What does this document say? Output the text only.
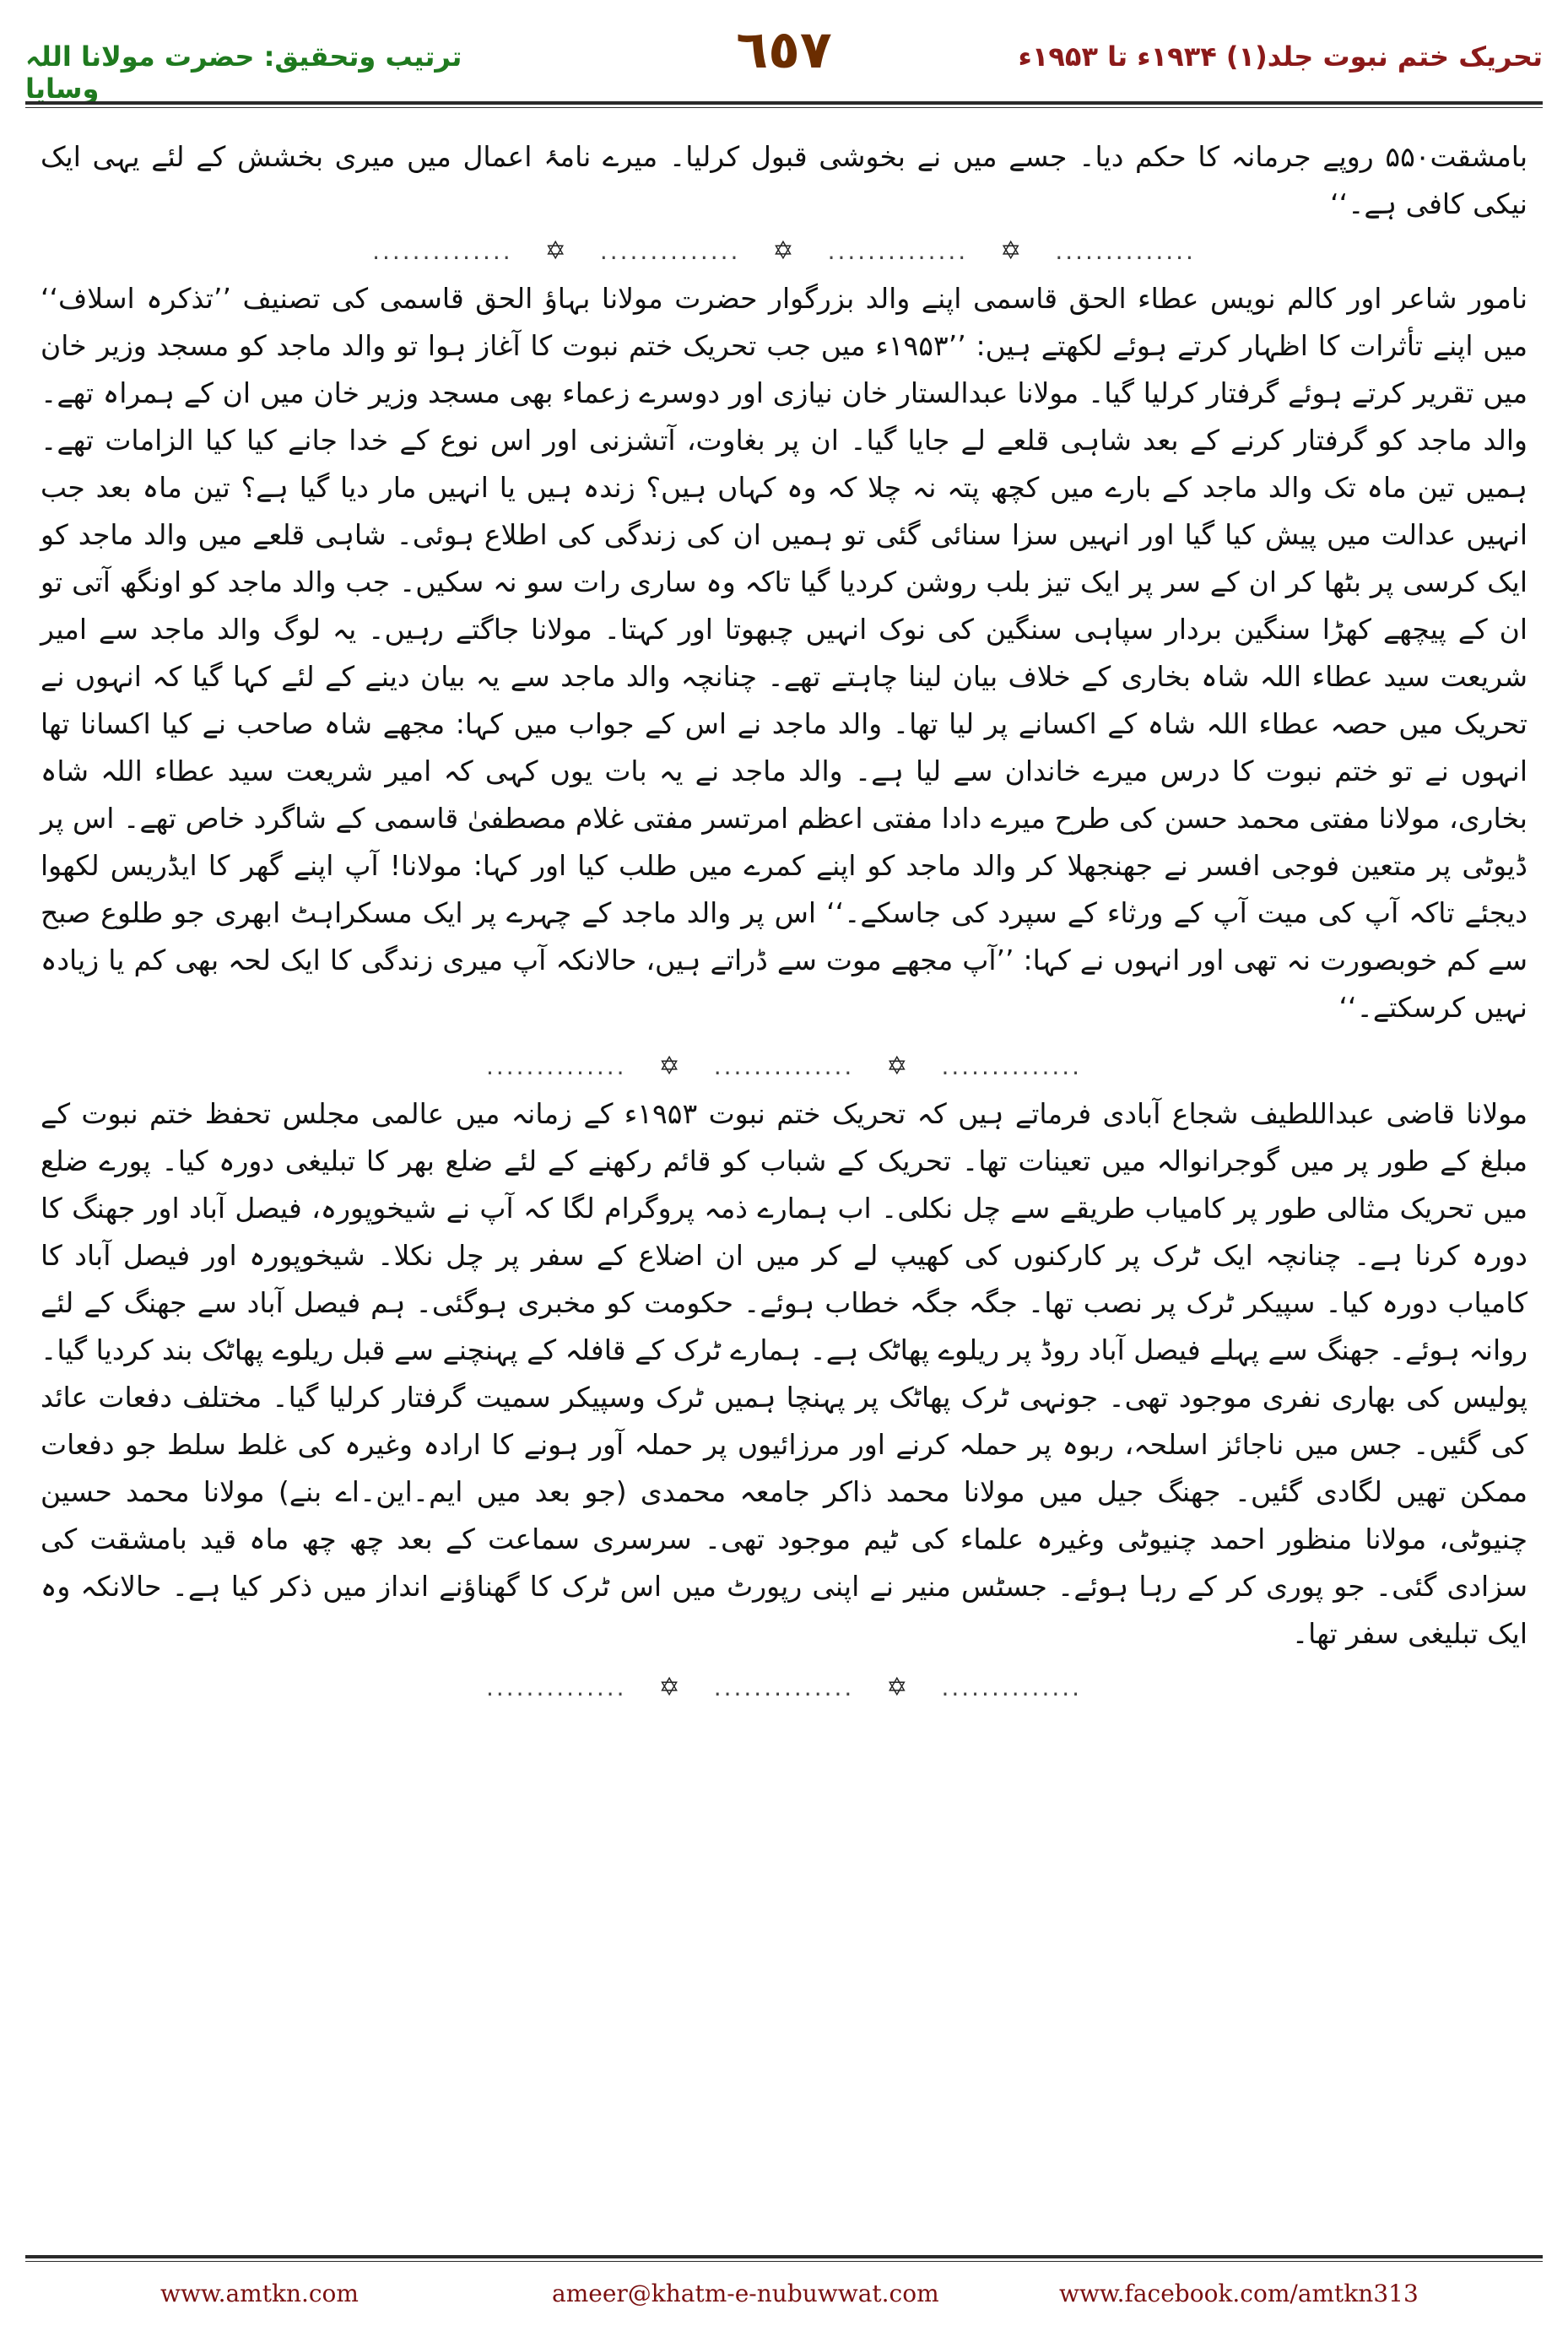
ترتیب وتحقیق: حضرت مولانا اللہ وسایا
٦٥٧	تحریک ختم نبوت جلد(۱) ۱۹۳۴ء تا ۱۹۵۳ء

بامشقت۵۵۰ روپے جرمانہ کا حکم دیا۔ جسے میں نے بخوشی قبول کرلیا۔ میرے نامۂ اعمال میں میری بخشش کے لئے یہی ایک نیکی کافی ہے۔‘‘

.............. ✡ .............. ✡ .............. ✡ ..............

نامور شاعر اور کالم نویس عطاء الحق قاسمی اپنے والد بزرگوار حضرت مولانا بہاؤ الحق قاسمی کی تصنیف ’’تذکرہ اسلاف‘‘ میں اپنے تأثرات کا اظہار کرتے ہوئے لکھتے ہیں: ’’۱۹۵۳ء میں جب تحریک ختم نبوت کا آغاز ہوا تو والد ماجد کو مسجد وزیر خان میں تقریر کرتے ہوئے گرفتار کرلیا گیا۔ مولانا عبدالستار خان نیازی اور دوسرے زعماء بھی مسجد وزیر خان میں ان کے ہمراہ تھے۔ والد ماجد کو گرفتار کرنے کے بعد شاہی قلعے لے جایا گیا۔ ان پر بغاوت، آتشزنی اور اس نوع کے خدا جانے کیا کیا الزامات تھے۔ ہمیں تین ماہ تک والد ماجد کے بارے میں کچھ پتہ نہ چلا کہ وہ کہاں ہیں؟ زندہ ہیں یا انہیں مار دیا گیا ہے؟ تین ماہ بعد جب انہیں عدالت میں پیش کیا گیا اور انہیں سزا سنائی گئی تو ہمیں ان کی زندگی کی اطلاع ہوئی۔ شاہی قلعے میں والد ماجد کو ایک کرسی پر بٹھا کر ان کے سر پر ایک تیز بلب روشن کردیا گیا تاکہ وہ ساری رات سو نہ سکیں۔ جب والد ماجد کو اونگھ آتی تو ان کے پیچھے کھڑا سنگین بردار سپاہی سنگین کی نوک انہیں چبھوتا اور کہتا۔ مولانا جاگتے رہیں۔ یہ لوگ والد ماجد سے امیر شریعت سید عطاء اللہ شاہ بخاری کے خلاف بیان لینا چاہتے تھے۔ چنانچہ والد ماجد سے یہ بیان دینے کے لئے کہا گیا کہ انہوں نے تحریک میں حصہ عطاء اللہ شاہ کے اکسانے پر لیا تھا۔ والد ماجد نے اس کے جواب میں کہا: مجھے شاہ صاحب نے کیا اکسانا تھا انہوں نے تو ختم نبوت کا درس میرے خاندان سے لیا ہے۔ والد ماجد نے یہ بات یوں کہی کہ امیر شریعت سید عطاء اللہ شاہ بخاری، مولانا مفتی محمد حسن کی طرح میرے دادا مفتی اعظم امرتسر مفتی غلام مصطفیٰ قاسمی کے شاگرد خاص تھے۔ اس پر ڈیوٹی پر متعین فوجی افسر نے جھنجھلا کر والد ماجد کو اپنے کمرے میں طلب کیا اور کہا: مولانا! آپ اپنے گھر کا ایڈریس لکھوا دیجئے تاکہ آپ کی میت آپ کے ورثاء کے سپرد کی جاسکے۔‘‘ اس پر والد ماجد کے چہرے پر ایک مسکراہٹ ابھری جو طلوع صبح سے کم خوبصورت نہ تھی اور انہوں نے کہا: ’’آپ مجھے موت سے ڈراتے ہیں، حالانکہ آپ میری زندگی کا ایک لحہ بھی کم یا زیادہ نہیں کرسکتے۔‘‘

.............. ✡ .............. ✡ ..............

مولانا قاضی عبداللطیف شجاع آبادی فرماتے ہیں کہ تحریک ختم نبوت ۱۹۵۳ء کے زمانہ میں عالمی مجلس تحفظ ختم نبوت کے مبلغ کے طور پر میں گوجرانوالہ میں تعینات تھا۔ تحریک کے شباب کو قائم رکھنے کے لئے ضلع بھر کا تبلیغی دورہ کیا۔ پورے ضلع میں تحریک مثالی طور پر کامیاب طریقے سے چل نکلی۔ اب ہمارے ذمہ پروگرام لگا کہ آپ نے شیخوپورہ، فیصل آباد اور جھنگ کا دورہ کرنا ہے۔ چنانچہ ایک ٹرک پر کارکنوں کی کھیپ لے کر میں ان اضلاع کے سفر پر چل نکلا۔ شیخوپورہ اور فیصل آباد کا کامیاب دورہ کیا۔ سپیکر ٹرک پر نصب تھا۔ جگہ جگہ خطاب ہوئے۔ حکومت کو مخبری ہوگئی۔ ہم فیصل آباد سے جھنگ کے لئے روانہ ہوئے۔ جھنگ سے پہلے فیصل آباد روڈ پر ریلوے پھاٹک ہے۔ ہمارے ٹرک کے قافلہ کے پہنچنے سے قبل ریلوے پھاٹک بند کردیا گیا۔ پولیس کی بھاری نفری موجود تھی۔ جونہی ٹرک پھاٹک پر پہنچا ہمیں ٹرک وسپیکر سمیت گرفتار کرلیا گیا۔ مختلف دفعات عائد کی گئیں۔ جس میں ناجائز اسلحہ، ربوہ پر حملہ کرنے اور مرزائیوں پر حملہ آور ہونے کا ارادہ وغیرہ کی غلط سلط جو دفعات ممکن تھیں لگادی گئیں۔ جھنگ جیل میں مولانا محمد ذاکر جامعہ محمدی (جو بعد میں ایم۔این۔اے بنے) مولانا محمد حسین چنیوٹی، مولانا منظور احمد چنیوٹی وغیرہ علماء کی ٹیم موجود تھی۔ سرسری سماعت کے بعد چھ چھ ماہ قید بامشقت کی سزادی گئی۔ جو پوری کر کے رہا ہوئے۔ جسٹس منیر نے اپنی رپورٹ میں اس ٹرک کا گھناؤنے انداز میں ذکر کیا ہے۔ حالانکہ وہ ایک تبلیغی سفر تھا۔

.............. ✡ .............. ✡ ..............
www.amtkn.com	ameer@khatm-e-nubuwwat.com	www.facebook.com/amtkn313
